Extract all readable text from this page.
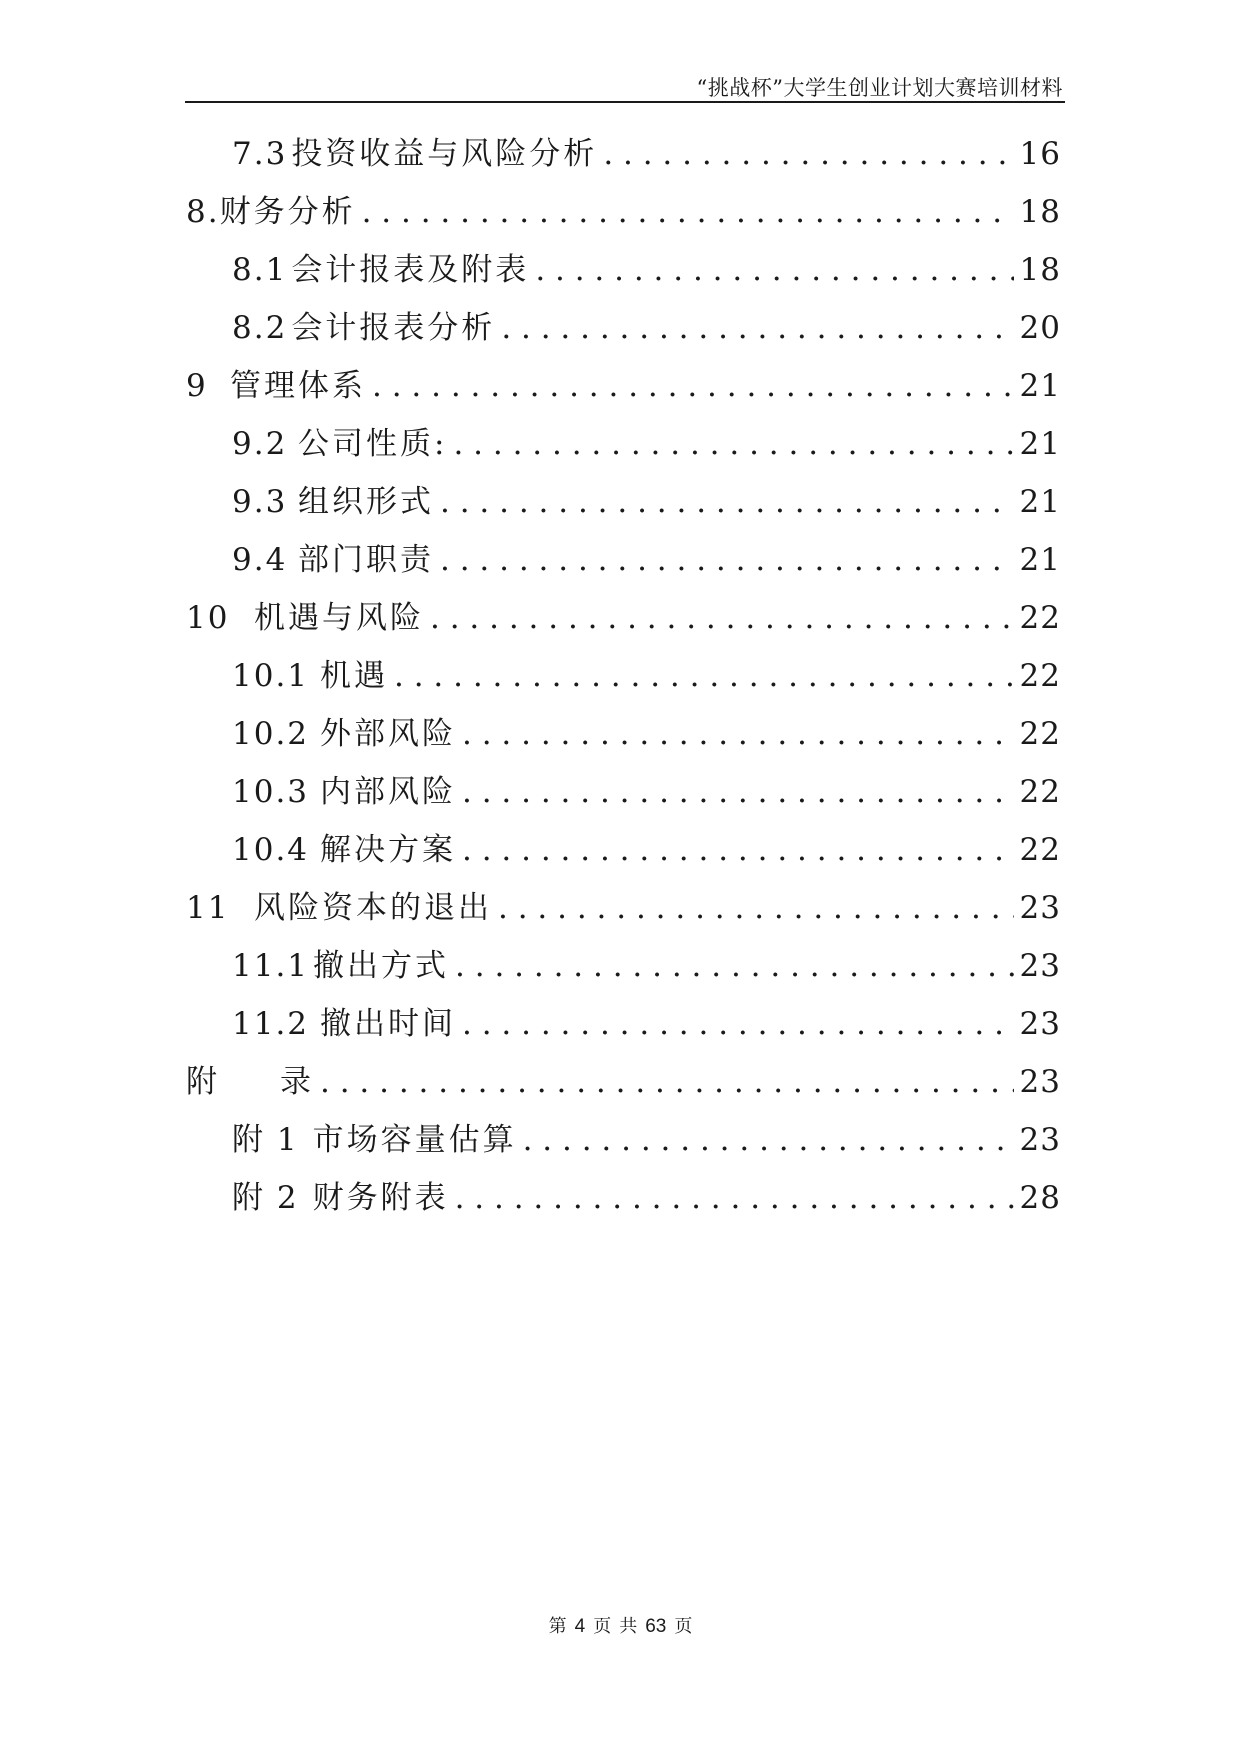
“挑战杯”大学生创业计划大赛培训材料
7.3 投资收益与风险分析 . . .	16
8. 财务分析 . . .	18
8.1 会计报表及附表 . . .	18
8.2 会计报表分析 . . .	20
9 管理体系 . . .	21
9.2 公司性质: . . .	21
9.3 组织形式 . . .	21
9.4 部门职责 . . .	21
10 机遇与风险 . . .	22
10.1 机遇 . . .	22
10.2 外部风险 . . .	22
10.3 内部风险 . . .	22
10.4 解决方案 . . .	22
11 风险资本的退出 . . .	23
11.1 撤出方式 . . .	23
11.2 撤出时间 . . .	23
附	录 . . .	23
附 1 市场容量估算 . . .	23
附 2 财务附表 . . .	28
第 4 页 共 63 页
